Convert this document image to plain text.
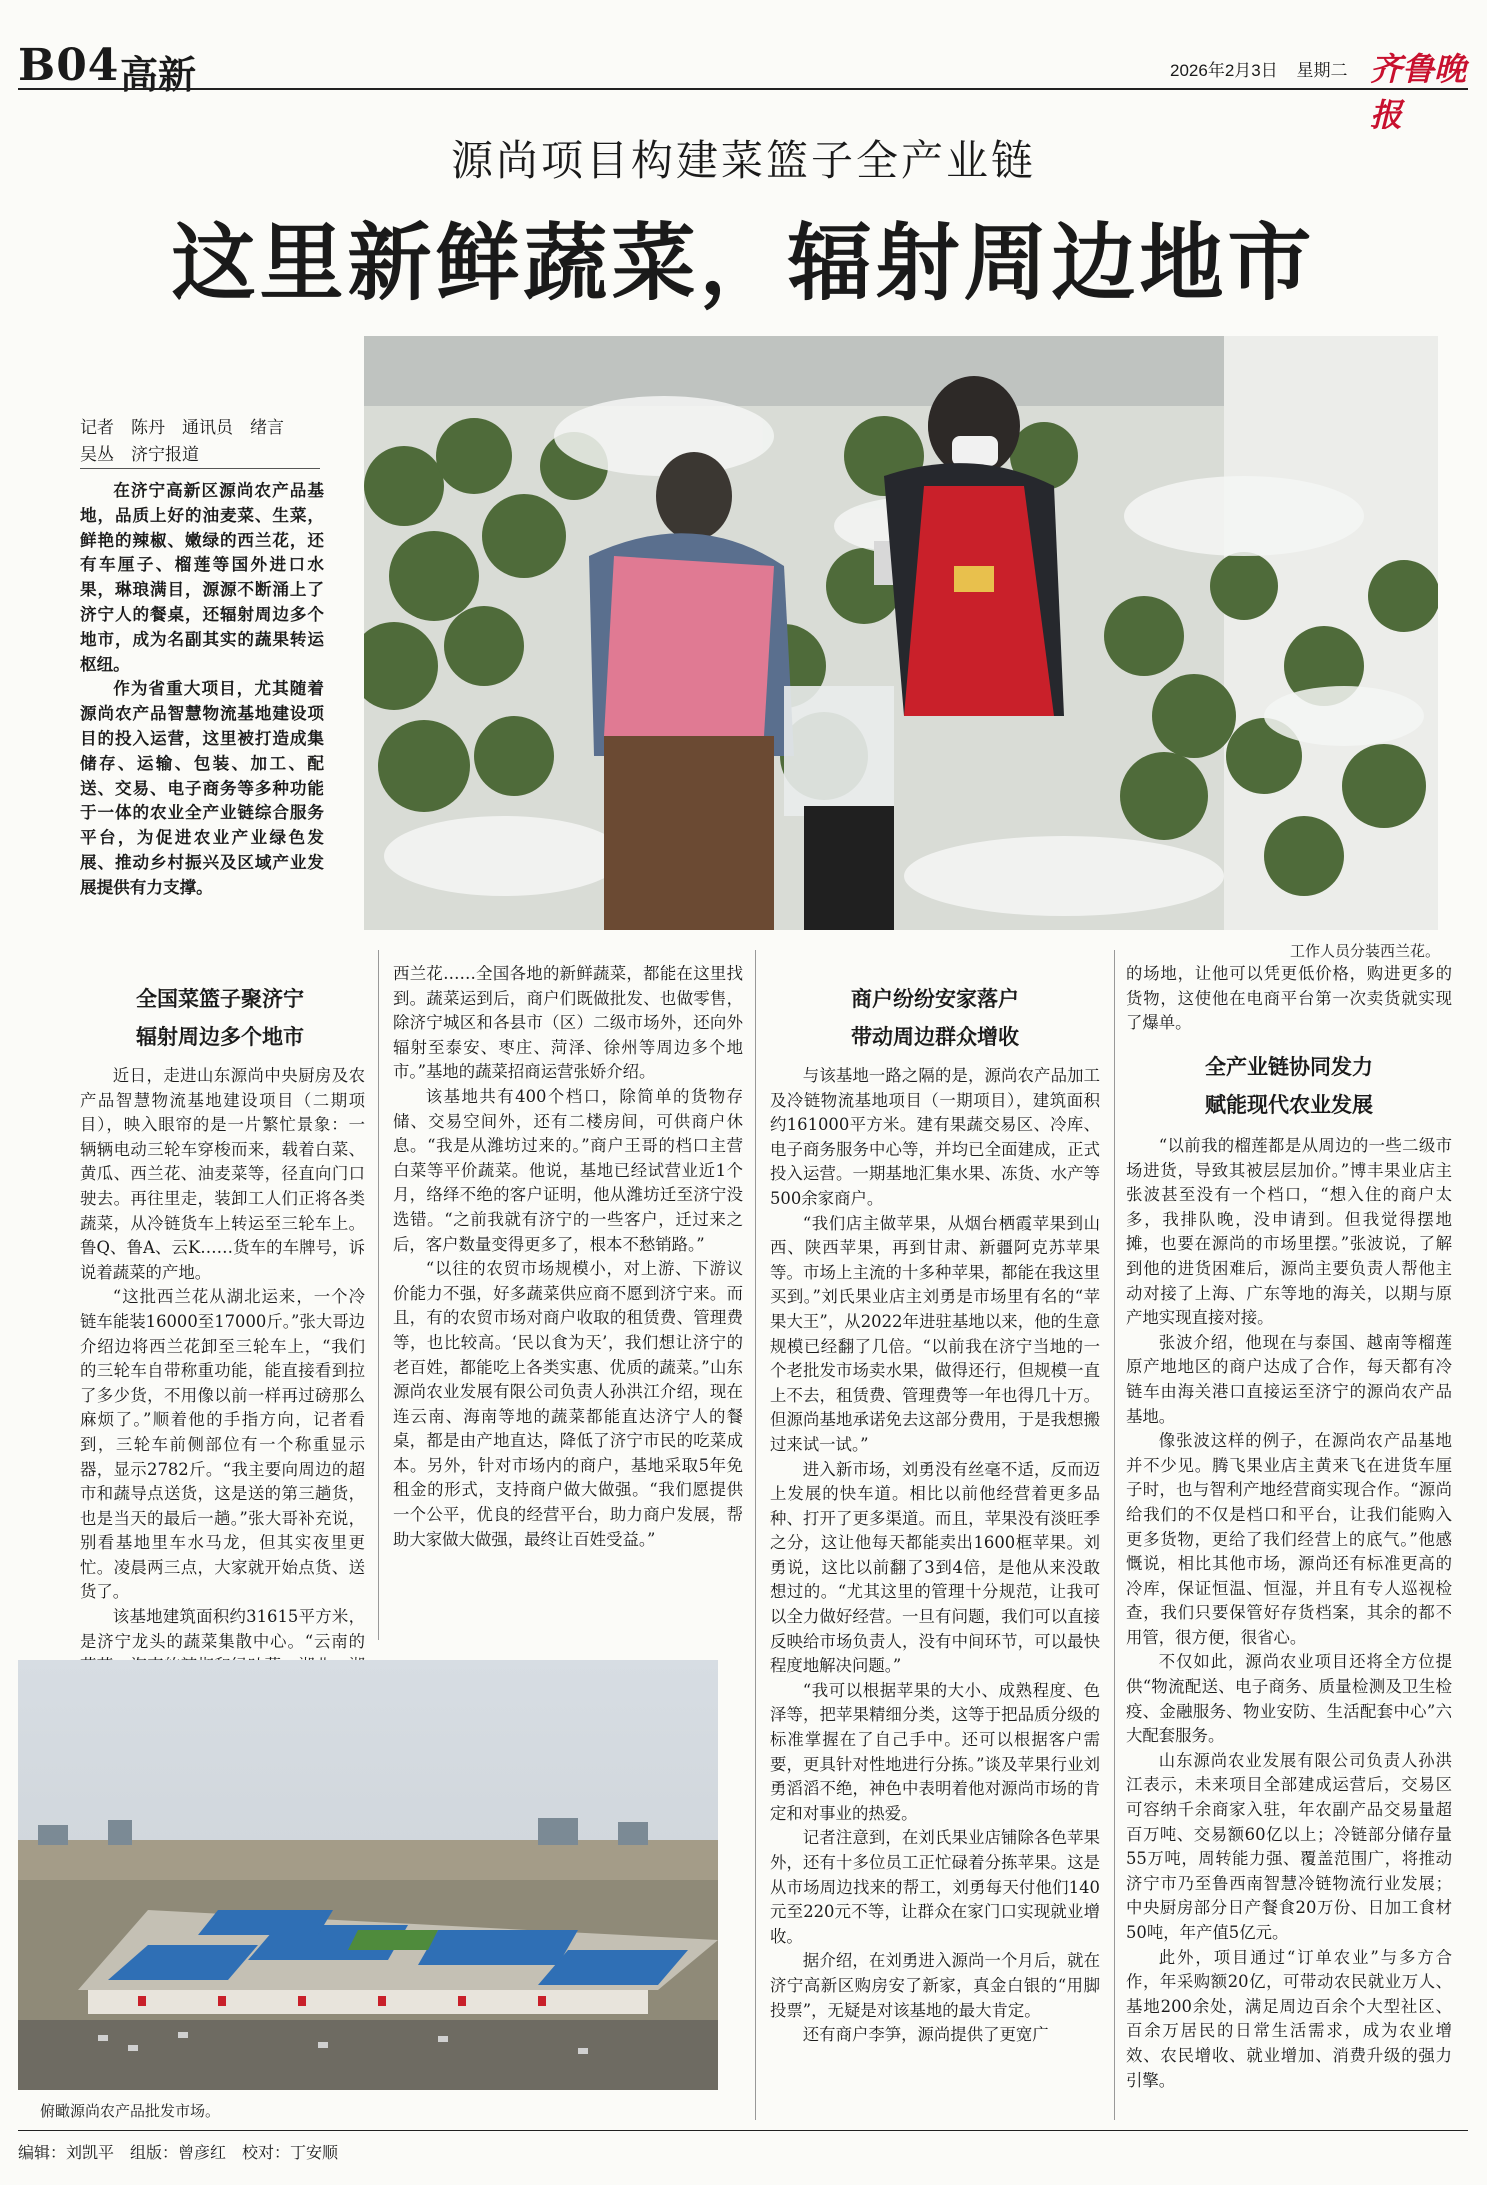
B04 高新	2026年2月3日 星期二 齐鲁晚报
源尚项目构建菜篮子全产业链
这里新鲜蔬菜，辐射周边地市
记者　陈丹　通讯员　绪言
吴丛　济宁报道

在济宁高新区源尚农产品基地，品质上好的油麦菜、生菜，鲜艳的辣椒、嫩绿的西兰花，还有车厘子、榴莲等国外进口水果，琳琅满目，源源不断涌上了济宁人的餐桌，还辐射周边多个地市，成为名副其实的蔬果转运枢纽。

作为省重大项目，尤其随着源尚农产品智慧物流基地建设项目的投入运营，这里被打造成集储存、运输、包装、加工、配送、交易、电子商务等多种功能于一体的农业全产业链综合服务平台，为促进农业产业绿色发展、推动乡村振兴及区域产业发展提供有力支撑。

工作人员分装西兰花。
全国菜篮子聚济宁
辐射周边多个地市

近日，走进山东源尚中央厨房及农产品智慧物流基地建设项目（二期项目），映入眼帘的是一片繁忙景象：一辆辆电动三轮车穿梭而来，载着白菜、黄瓜、西兰花、油麦菜等，径直向门口驶去。再往里走，装卸工人们正将各类蔬菜，从冷链货车上转运至三轮车上。鲁Q、鲁A、云K……货车的车牌号，诉说着蔬菜的产地。

“这批西兰花从湖北运来，一个冷链车能装16000至17000斤。”张大哥边介绍边将西兰花卸至三轮车上，“我们的三轮车自带称重功能，能直接看到拉了多少货，不用像以前一样再过磅那么麻烦了。”顺着他的手指方向，记者看到，三轮车前侧部位有一个称重显示器，显示2782斤。“我主要向周边的超市和蔬导点送货，这是送的第三趟货，也是当天的最后一趟。”张大哥补充说，别看基地里车水马龙，但其实夜里更忙。凌晨两三点，大家就开始点货、送货了。

该基地建筑面积约31615平方米，是济宁龙头的蔬菜集散中心。“云南的

西兰花……全国各地的新鲜蔬菜，都能在这里找到。蔬菜运到后，商户们既做批发、也做零售，除济宁城区和各县市（区）二级市场外，还向外辐射至泰安、枣庄、菏泽、徐州等周边多个地市。”基地的蔬菜招商运营张娇介绍。

该基地共有400个档口，除简单的货物存储、交易空间外，还有二楼房间，可供商户休息。“我是从潍坊过来的。”商户王哥的档口主营白菜等平价蔬菜。他说，基地已经试营业近1个月，络绎不绝的客户证明，他从潍坊迁至济宁没选错。“之前我就有济宁的一些客户，迁过来之后，客户数量变得更多了，根本不愁销路。”

“以往的农贸市场规模小，对上游、下游议价能力不强，好多蔬菜供应商不愿到济宁来。而且，有的农贸市场对商户收取的租赁费、管理费等，也比较高。‘民以食为天’，我们想让济宁的老百姓，都能吃上各类实惠、优质的蔬菜。”山东源尚农业发展有限公司负责人孙洪江介绍，现在连云南、海南等地的蔬菜都能直达济宁人的餐桌，都是由产地直达，降低了济宁市民的吃菜成本。另外，针对市场内的商户，基地采取5年免租金的形式，支持商户做大做强。“我们愿提供一个公平，优良的经营平台，助力商户发展，帮助大家做大做强，最终让百姓受益。”

俯瞰源尚农产品批发市场。
商户纷纷安家落户
带动周边群众增收

与该基地一路之隔的是，源尚农产品加工及冷链物流基地项目（一期项目），建筑面积约161000平方米。建有果蔬交易区、冷库、电子商务服务中心等，并均已全面建成，正式投入运营。一期基地汇集水果、冻货、水产等500余家商户。

“我们店主做苹果，从烟台栖霞苹果到山西、陕西苹果，再到甘肃、新疆阿克苏苹果等。市场上主流的十多种苹果，都能在我这里买到。”刘氏果业店主刘勇是市场里有名的“苹果大王”，从2022年进驻基地以来，他的生意规模已经翻了几倍。“以前我在济宁当地的一个老批发市场卖水果，做得还行，但规模一直上不去，租赁费、管理费等一年也得几十万。但源尚基地承诺免去这部分费用，于是我想搬过来试一试。”

进入新市场，刘勇没有丝毫不适，反而迈上发展的快车道。相比以前他经营着更多品种、打开了更多渠道。而且，苹果没有淡旺季之分，这让他每天都能卖出1600框苹果。刘勇说，这比以前翻了3到4倍，是他从来没敢想过的。“尤其这里的管理十分规范，让我可以全力做好经营。一旦有问题，我们可以直接反映给市场负责人，没有中间环节，可以最快程度地解决问题。”

“我可以根据苹果的大小、成熟程度、色泽等，把苹果精细分类，这等于把品质分级的标准掌握在了自己手中。还可以根据客户需要，更具针对性地进行分拣。”谈及苹果行业刘勇滔滔不绝，神色中表明着他对源尚市场的肯定和对事业的热爱。

记者注意到，在刘氏果业店铺除各色苹果外，还有十多位员工正忙碌着分拣苹果。这是从市场周边找来的帮工，刘勇每天付他们140元至220元不等，让群众在家门口实现就业增收。

据介绍，在刘勇进入源尚一个月后，就在济宁高新区购房安了新家，真金白银的“用脚投票”，无疑是对该基地的最大肯定。

还有商户李笋，源尚提供了更宽广

的场地，让他可以凭更低价格，购进更多的货物，这使他在电商平台第一次卖货就实现了爆单。

全产业链协同发力
赋能现代农业发展

“以前我的榴莲都是从周边的一些二级市场进货，导致其被层层加价。”博丰果业店主张波甚至没有一个档口，“想入住的商户太多，我排队晚，没申请到。但我觉得摆地摊，也要在源尚的市场里摆。”张波说，了解到他的进货困难后，源尚主要负责人帮他主动对接了上海、广东等地的海关，以期与原产地实现直接对接。

张波介绍，他现在与泰国、越南等榴莲原产地地区的商户达成了合作，每天都有冷链车由海关港口直接运至济宁的源尚农产品基地。

像张波这样的例子，在源尚农产品基地并不少见。腾飞果业店主黄来飞在进货车厘子时，也与智利产地经营商实现合作。“源尚给我们的不仅是档口和平台，让我们能购入更多货物，更给了我们经营上的底气。”他感慨说，相比其他市场，源尚还有标准更高的冷库，保证恒温、恒湿，并且有专人巡视检查，我们只要保管好存货档案，其余的都不用管，很方便，很省心。

不仅如此，源尚农业项目还将全方位提供“物流配送、电子商务、质量检测及卫生检疫、金融服务、物业安防、生活配套中心”六大配套服务。

山东源尚农业发展有限公司负责人孙洪江表示，未来项目全部建成运营后，交易区可容纳千余商家入驻，年农副产品交易量超百万吨、交易额60亿以上；冷链部分储存量55万吨，周转能力强、覆盖范围广，将推动济宁市乃至鲁西南智慧冷链物流行业发展；中央厨房部分日产餐食20万份、日加工食材50吨，年产值5亿元。

此外，项目通过“订单农业”与多方合作，年采购额20亿，可带动农民就业万人、基地200余处，满足周边百余个大型社区、百余万居民的日常生活需求，成为农业增效、农民增收、就业增加、消费升级的强力引擎。

编辑：刘凯平　组版：曾彦红　校对：丁安顺
